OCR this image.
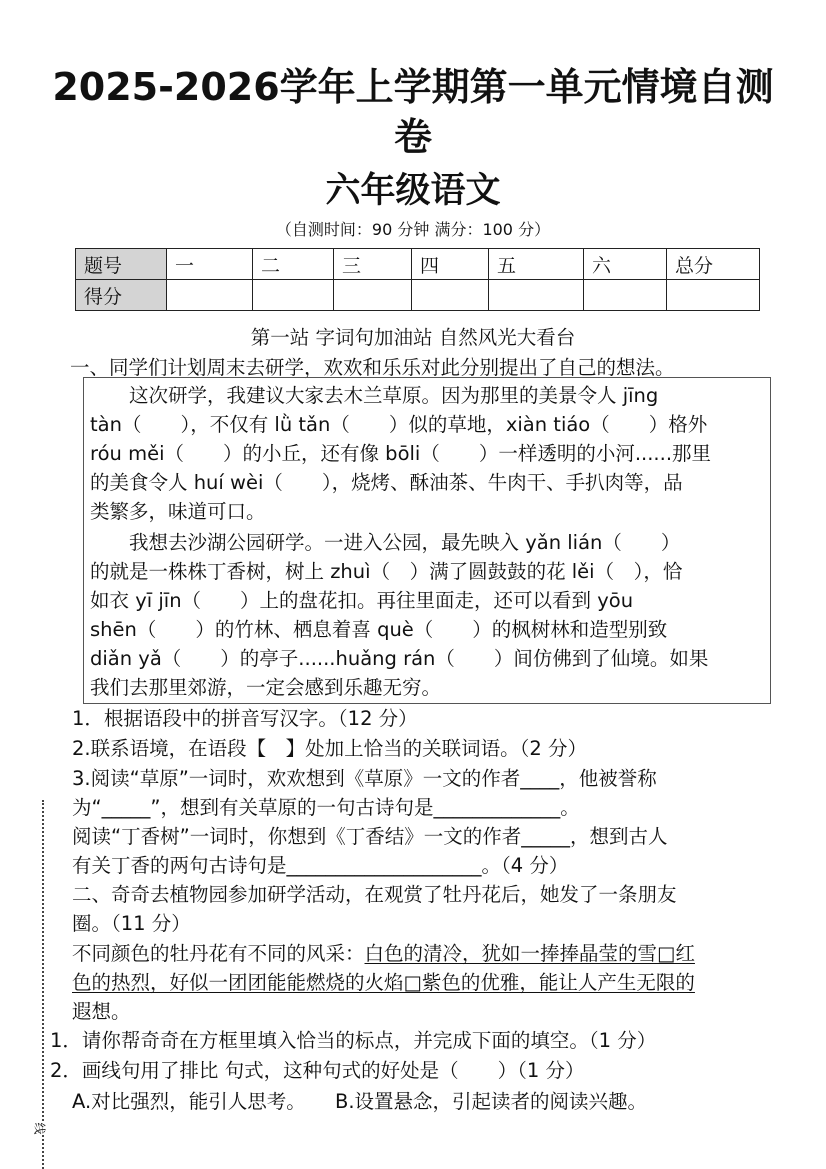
2025-2026学年上学期第一单元情境自测
卷
六年级语文
（自测时间：90 分钟 满分：100 分）
题号	一	二	三	四	五	六	总分
得分							
第一站 字词句加油站 自然风光大看台
一、同学们计划周末去研学，欢欢和乐乐对此分别提出了自己的想法。
　　这次研学，我建议大家去木兰草原。因为那里的美景令人 jīng
tàn（　　），不仅有 lǜ tǎn（　　）似的草地，xiàn tiáo（　　）格外
róu měi（　　）的小丘，还有像 bōli（　　）一样透明的小河......那里
的美食令人 huí wèi（　　），烧烤、酥油茶、牛肉干、手扒肉等，品
类繁多，味道可口。
　　我想去沙湖公园研学。一进入公园，最先映入 yǎn lián（　　）
的就是一株株丁香树，树上 zhuì（　）满了圆鼓鼓的花 lěi（　），恰
如衣 yī jīn（　　）上的盘花扣。再往里面走，还可以看到 yōu
shēn（　　）的竹林、栖息着喜 què（　　）的枫树林和造型别致
diǎn yǎ（　　）的亭子......huǎng rán（　　）间仿佛到了仙境。如果
我们去那里郊游，一定会感到乐趣无穷。
1．根据语段中的拼音写汉字。（12 分）
2.联系语境，在语段【　】处加上恰当的关联词语。（2 分）
3.阅读“草原”一词时，欢欢想到《草原》一文的作者____，他被誉称
为“_____”，想到有关草原的一句古诗句是_____________。
阅读“丁香树”一词时，你想到《丁香结》一文的作者_____，想到古人
有关丁香的两句古诗句是____________________。（4 分）
二、奇奇去植物园参加研学活动，在观赏了牡丹花后，她发了一条朋友
圈。（11 分）
不同颜色的牡丹花有不同的风采：白色的清冷，犹如一捧捧晶莹的雪□红
色的热烈，好似一团团能能燃烧的火焰□紫色的优雅，能让人产生无限的
遐想。
1．请你帮奇奇在方框里填入恰当的标点，并完成下面的填空。（1 分）
2．画线句用了排比 句式，这种句式的好处是（　　）（1 分）
A.对比强烈，能引人思考。　　B.设置悬念，引起读者的阅读兴趣。
线
